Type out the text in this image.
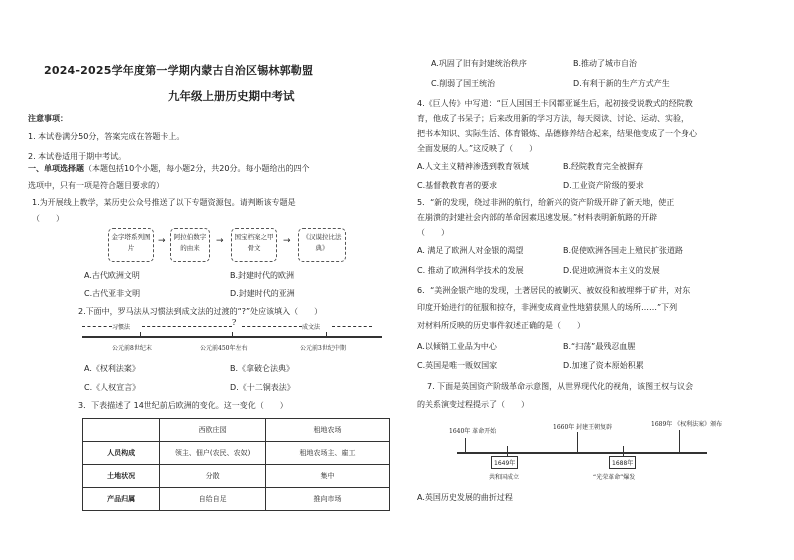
2024-2025学年度第一学期内蒙古自治区锡林郭勒盟
九年级上册历史期中考试
注意事项：
1. 本试卷满分50分，答案完成在答题卡上。
2. 本试卷适用于期中考试。
一、单项选择题（本题包括10个小题，每小题2分，共20分。每小题给出的四个
选项中，只有一项是符合题目要求的）
1.为开展线上教学，某历史公众号推送了以下专题资源包。请判断该专题是
（　　）
金字塔系列图片
→	阿拉伯数字的由来
→	国宝档案之甲骨文
→	《汉谟拉比法典》
A.古代欧洲文明	B.封建时代的欧洲
C.古代亚非文明	D.封建时代的亚洲
2.下面中，罗马法从习惯法到成文法的过渡的“?”处应该填入（　　）
习惯法
?
成文法
公元前8世纪末	公元前450年左右	公元前3世纪中期
A.《权利法案》	B.《拿破仑法典》
C.《人权宣言》	D.《十二铜表法》
3．下表描述了 14世纪前后欧洲的变化。这一变化（　　）
	西欧庄园	租地农场
人员构成	领主、佃户(农民、农奴)	租地农场主、雇工
土地状况	分散	集中
产品归属	自给自足	推向市场
A.巩固了旧有封建统治秩序	B.推动了城市自治
C.削弱了国王统治	D.有利于新的生产方式产生
4.《巨人传》中写道：“巨人国国王卡冈都亚诞生后，起初接受说教式的经院教
育，他成了书呆子；后来改用新的学习方法，每天阅读、讨论、运动、实验，
把书本知识、实际生活、体育锻炼、品德修养结合起来，结果他变成了一个身心
全面发展的人。”这反映了（　　）
A.人文主义精神渗透到教育领域	B.经院教育完全被摒弃
C.基督教教育者的要求	D.工业资产阶级的要求
5．“新的发现，绕过非洲的航行，给新兴的资产阶级开辟了新天地，使正
在崩溃的封建社会内部的革命因素迅速发展。”材料表明新航路的开辟
（　　）
A. 满足了欧洲人对金银的渴望	B.促使欧洲各国走上殖民扩张道路
C. 推动了欧洲科学技术的发展	D.促进欧洲资本主义的发展
6．“美洲金银产地的发现，土著居民的被剿灭、被奴役和被埋葬于矿井，对东
印度开始进行的征服和掠夺，非洲变成商业性地猎获黑人的场所……”下列
对材料所反映的历史事件叙述正确的是（　　）
A.以倾销工业品为中心	B.“扫荡”最残忍血腥
C.英国是唯一贩奴国家	D.加速了资本原始积累
7. 下面是英国资产阶级革命示意图，从世界现代化的视角，该图王权与议会
的关系演变过程提示了（　　）
1640年 革命开始
1660年 封建王朝复辟	1689年 《权利法案》颁布
1649年	1688年
共和国成立	“光荣革命”爆发
A.英国历史发展的曲折过程
